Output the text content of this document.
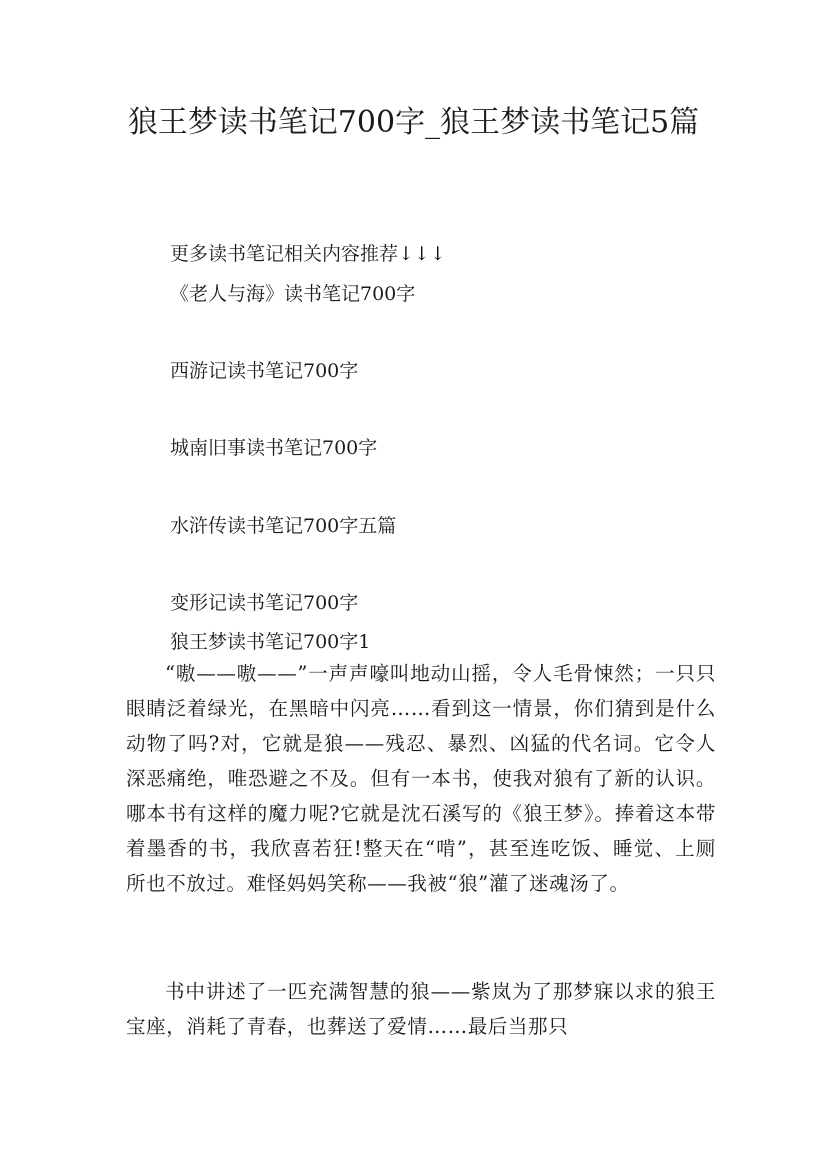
狼王梦读书笔记700字_狼王梦读书笔记5篇

更多读书笔记相关内容推荐↓↓↓

《老人与海》读书笔记700字

西游记读书笔记700字

城南旧事读书笔记700字

水浒传读书笔记700字五篇

变形记读书笔记700字

狼王梦读书笔记700字1

“嗷——嗷——”一声声嚎叫地动山摇，令人毛骨悚然；一只只眼睛泛着绿光，在黑暗中闪亮……看到这一情景，你们猜到是什么动物了吗?对，它就是狼——残忍、暴烈、凶猛的代名词。它令人深恶痛绝，唯恐避之不及。但有一本书，使我对狼有了新的认识。哪本书有这样的魔力呢?它就是沈石溪写的《狼王梦》。捧着这本带着墨香的书，我欣喜若狂!整天在“啃”，甚至连吃饭、睡觉、上厕所也不放过。难怪妈妈笑称——我被“狼”灌了迷魂汤了。

书中讲述了一匹充满智慧的狼——紫岚为了那梦寐以求的狼王宝座，消耗了青春，也葬送了爱情……最后当那只
